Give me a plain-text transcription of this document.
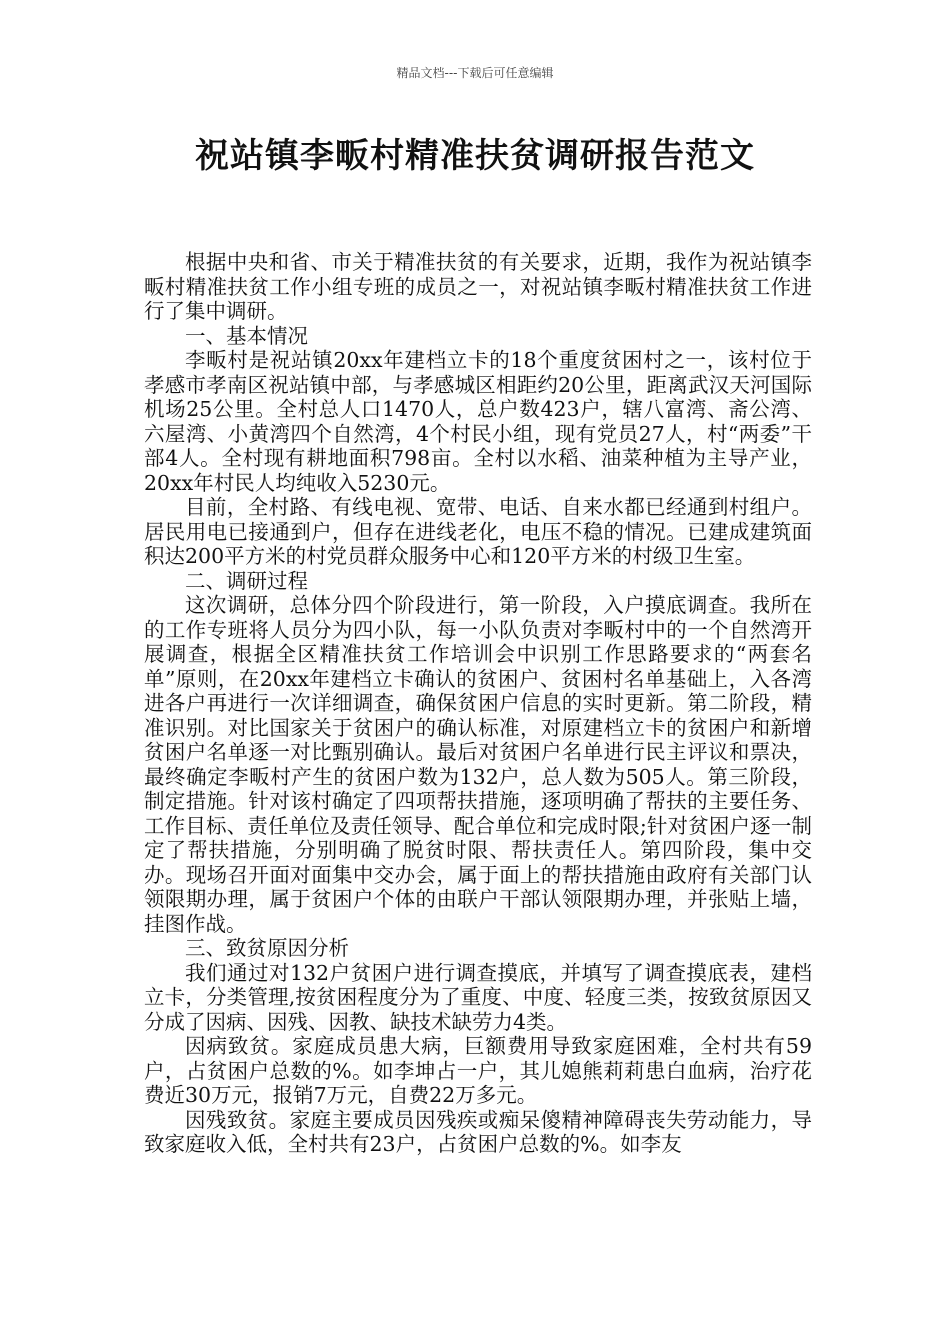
精品文档---下载后可任意编辑
祝站镇李畈村精准扶贫调研报告范文

根据中央和省、市关于精准扶贫的有关要求，近期，我作为祝站镇李畈村精准扶贫工作小组专班的成员之一，对祝站镇李畈村精准扶贫工作进行了集中调研。

一、基本情况

李畈村是祝站镇20xx年建档立卡的18个重度贫困村之一，该村位于孝感市孝南区祝站镇中部，与孝感城区相距约20公里，距离武汉天河国际机场25公里。全村总人口1470人，总户数423户，辖八富湾、斋公湾、六屋湾、小黄湾四个自然湾，4个村民小组，现有党员27人，村“两委”干部4人。全村现有耕地面积798亩。全村以水稻、油菜种植为主导产业，20xx年村民人均纯收入5230元。

目前，全村路、有线电视、宽带、电话、自来水都已经通到村组户。居民用电已接通到户，但存在进线老化，电压不稳的情况。已建成建筑面积达200平方米的村党员群众服务中心和120平方米的村级卫生室。

二、调研过程

这次调研，总体分四个阶段进行，第一阶段，入户摸底调查。我所在的工作专班将人员分为四小队，每一小队负责对李畈村中的一个自然湾开展调查，根据全区精准扶贫工作培训会中识别工作思路要求的“两套名单”原则，在20xx年建档立卡确认的贫困户、贫困村名单基础上，入各湾进各户再进行一次详细调查，确保贫困户信息的实时更新。第二阶段，精准识别。对比国家关于贫困户的确认标准，对原建档立卡的贫困户和新增贫困户名单逐一对比甄别确认。最后对贫困户名单进行民主评议和票决，最终确定李畈村产生的贫困户数为132户，总人数为505人。第三阶段，制定措施。针对该村确定了四项帮扶措施，逐项明确了帮扶的主要任务、工作目标、责任单位及责任领导、配合单位和完成时限;针对贫困户逐一制定了帮扶措施，分别明确了脱贫时限、帮扶责任人。第四阶段，集中交办。现场召开面对面集中交办会，属于面上的帮扶措施由政府有关部门认领限期办理，属于贫困户个体的由联户干部认领限期办理，并张贴上墙，挂图作战。

三、致贫原因分析

我们通过对132户贫困户进行调查摸底，并填写了调查摸底表，建档立卡，分类管理,按贫困程度分为了重度、中度、轻度三类，按致贫原因又分成了因病、因残、因教、缺技术缺劳力4类。

因病致贫。家庭成员患大病，巨额费用导致家庭困难，全村共有59户，占贫困户总数的%。如李坤占一户，其儿媳熊莉莉患白血病，治疗花费近30万元，报销7万元，自费22万多元。

因残致贫。家庭主要成员因残疾或痴呆傻精神障碍丧失劳动能力，导致家庭收入低，全村共有23户，占贫困户总数的%。如李友
